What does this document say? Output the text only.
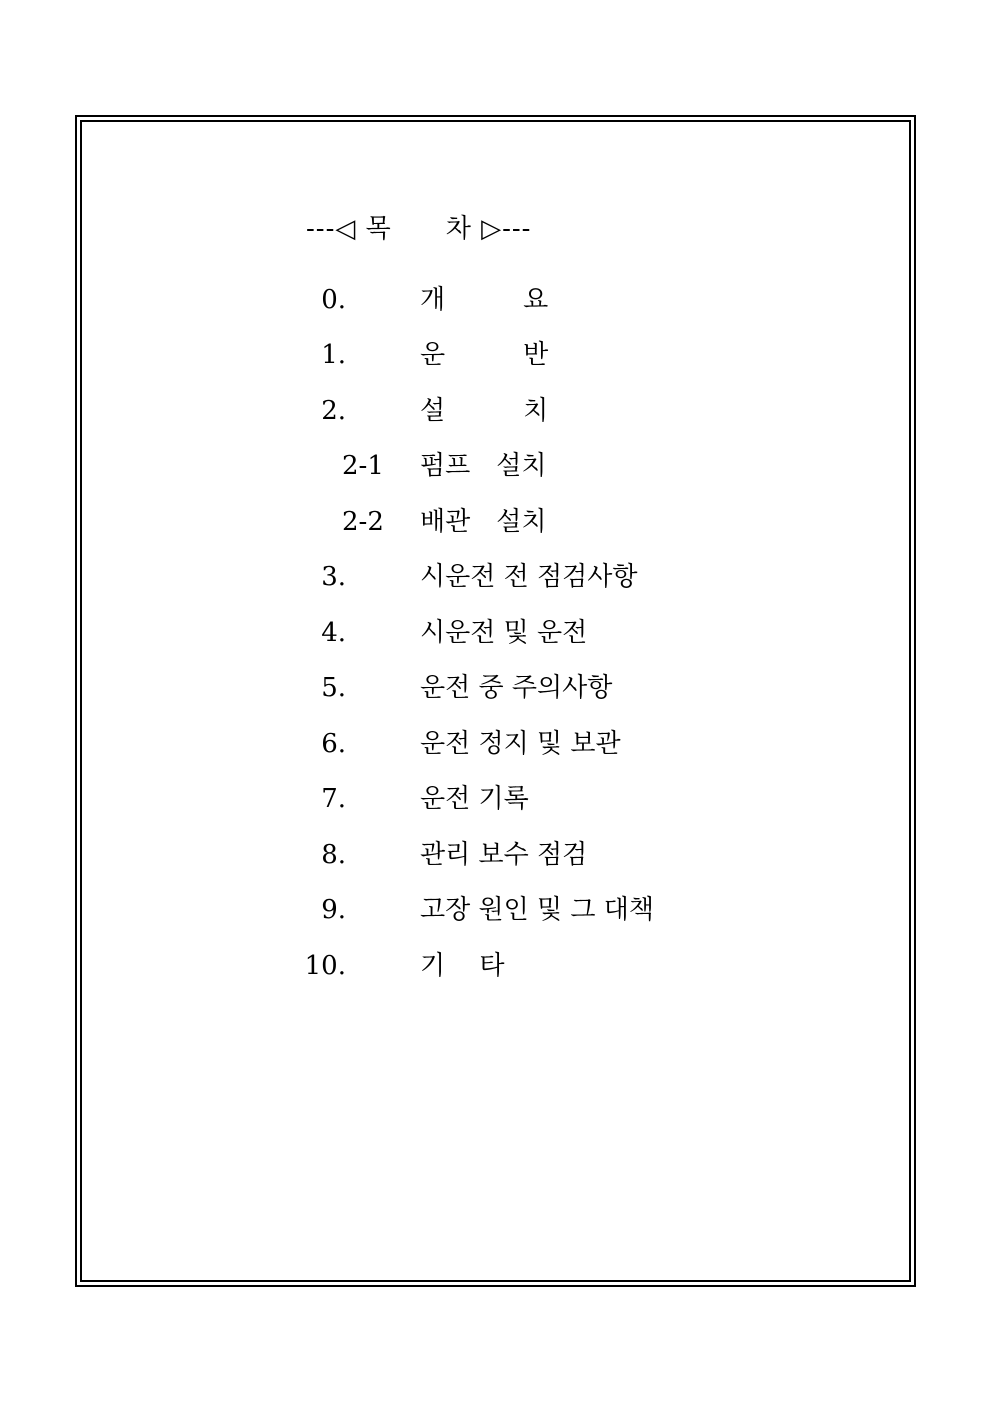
---◁ 목　　차 ▷---
0.	개　　　요
1.	운　　　반
2.	설　　　치
2-1 펌프　설치
2-2 배관　설치
3.	시운전 전 점검사항
4.	시운전 및 운전
5.	운전 중 주의사항
6.	운전 정지 및 보관
7.	운전 기록
8.	관리 보수 점검
9.	고장 원인 및 그 대책
10.	기　 타
